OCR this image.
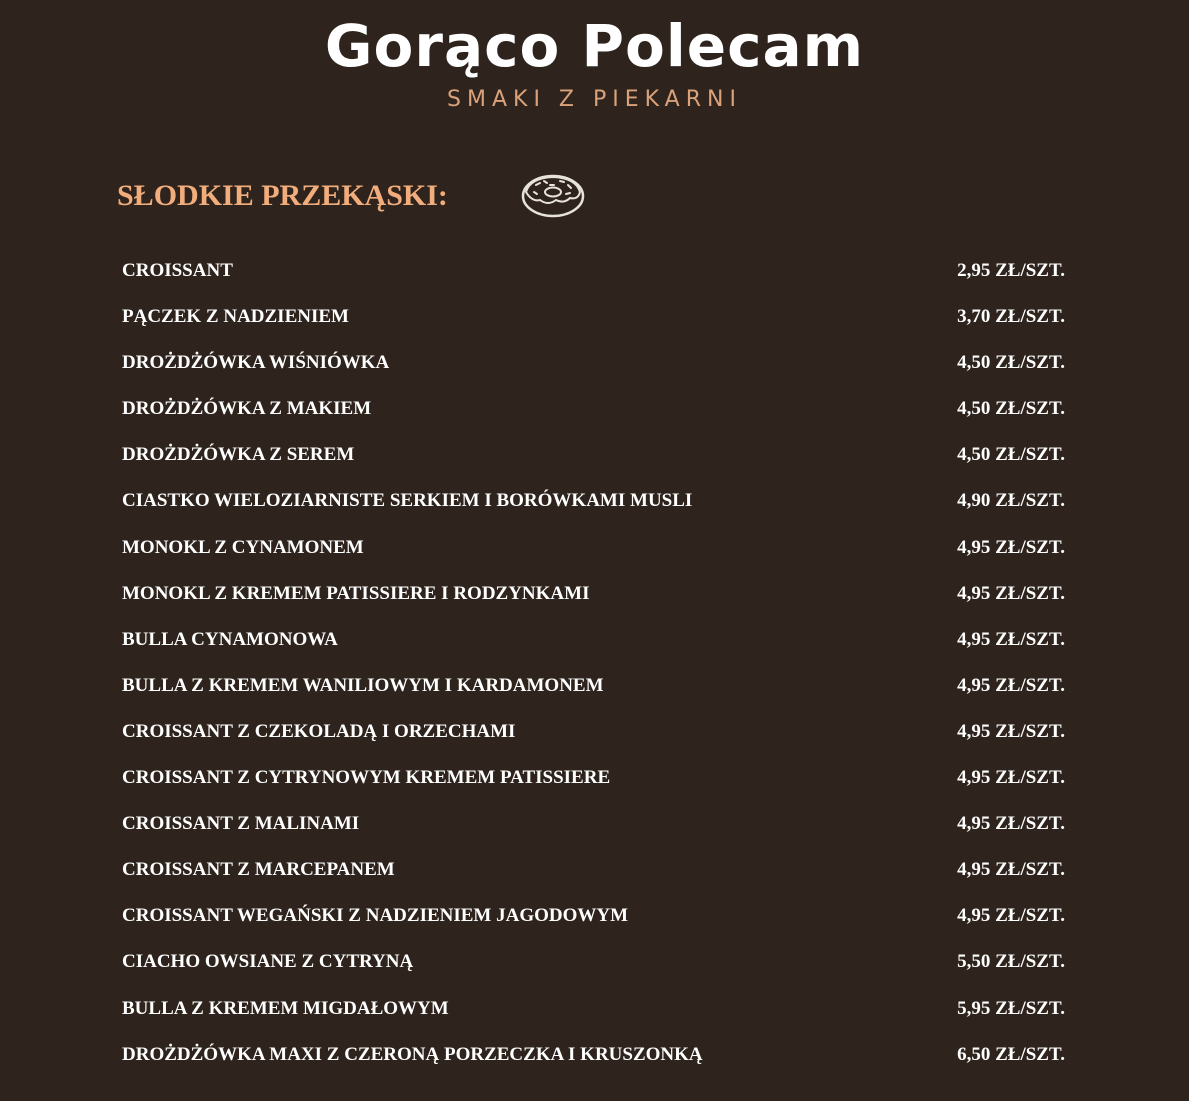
Gorąco Polecam
SMAKI Z PIEKARNI
SŁODKIE PRZEKĄSKI:
CROISSANT	2,95 ZŁ/SZT.
PĄCZEK Z NADZIENIEM	3,70 ZŁ/SZT.
DROŻDŻÓWKA WIŚNIÓWKA	4,50 ZŁ/SZT.
DROŻDŻÓWKA Z MAKIEM	4,50 ZŁ/SZT.
DROŻDŻÓWKA Z SEREM	4,50 ZŁ/SZT.
CIASTKO WIELOZIARNISTE SERKIEM I BORÓWKAMI MUSLI	4,90 ZŁ/SZT.
MONOKL Z CYNAMONEM	4,95 ZŁ/SZT.
MONOKL Z KREMEM PATISSIERE I RODZYNKAMI	4,95 ZŁ/SZT.
BULLA CYNAMONOWA	4,95 ZŁ/SZT.
BULLA Z KREMEM WANILIOWYM I KARDAMONEM	4,95 ZŁ/SZT.
CROISSANT Z CZEKOLADĄ I ORZECHAMI	4,95 ZŁ/SZT.
CROISSANT Z CYTRYNOWYM KREMEM PATISSIERE	4,95 ZŁ/SZT.
CROISSANT Z MALINAMI	4,95 ZŁ/SZT.
CROISSANT Z MARCEPANEM	4,95 ZŁ/SZT.
CROISSANT WEGAŃSKI Z NADZIENIEM JAGODOWYM	4,95 ZŁ/SZT.
CIACHO OWSIANE Z CYTRYNĄ	5,50 ZŁ/SZT.
BULLA Z KREMEM MIGDAŁOWYM	5,95 ZŁ/SZT.
DROŻDŻÓWKA MAXI Z CZERONĄ PORZECZKA I KRUSZONKĄ	6,50 ZŁ/SZT.
